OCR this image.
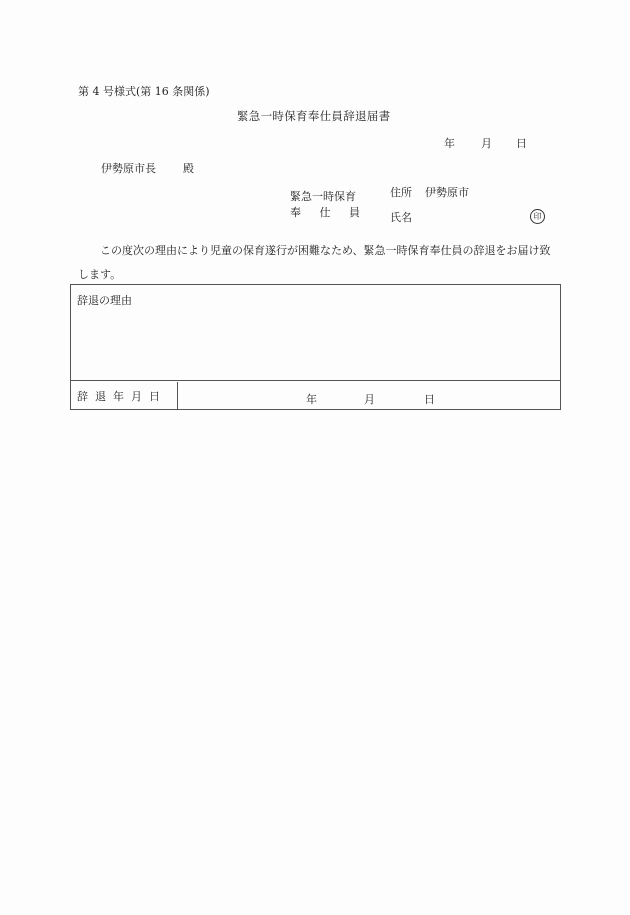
第 4 号様式(第 16 条関係)
緊急一時保育奉仕員辞退届書
年 月 日
伊勢原市長 殿
緊急一時保育
奉 仕 員
住所 伊勢原市
氏名	印
この度次の理由により児童の保育遂行が困難なため、緊急一時保育奉仕員の辞退をお届け致します。
辞退の理由
辞退年月日	年	月	日
